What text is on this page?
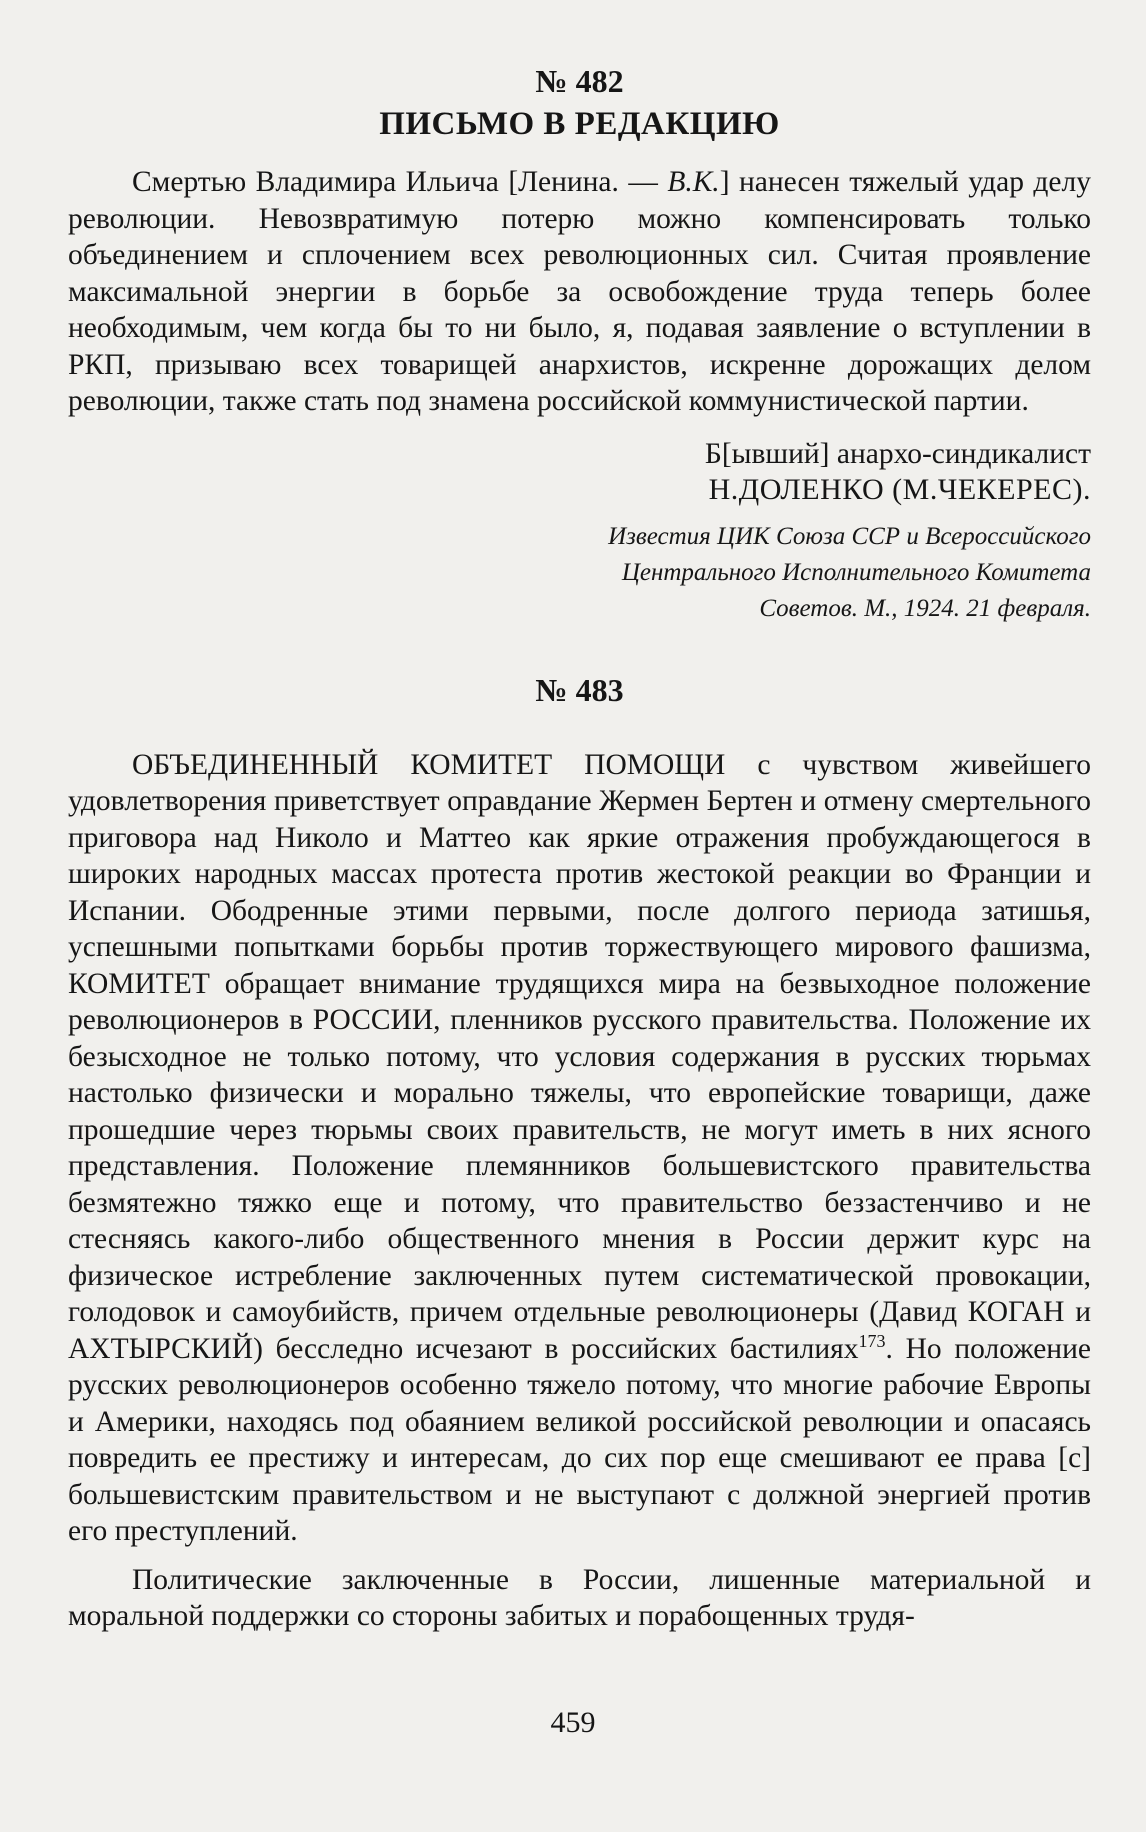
№ 482
ПИСЬМО В РЕДАКЦИЮ

Смертью Владимира Ильича [Ленина. — В.К.] нанесен тяжелый удар делу революции. Невозвратимую потерю можно компенсировать только объединением и сплочением всех революционных сил. Считая проявление максимальной энергии в борьбе за освобождение труда теперь более необходимым, чем когда бы то ни было, я, подавая заявление о вступлении в РКП, призываю всех товарищей анархистов, искренне дорожащих делом революции, также стать под знамена российской коммунистической партии.

Б[ывший] анархо-синдикалист
Н.ДОЛЕНКО (М.ЧЕКЕРЕС).
Известия ЦИК Союза ССР и Всероссийского
Центрального Исполнительного Комитета
Советов. М., 1924. 21 февраля.
№ 483

ОБЪЕДИНЕННЫЙ КОМИТЕТ ПОМОЩИ с чувством живейшего удовлетворения приветствует оправдание Жермен Бертен и отмену смертельного приговора над Николо и Маттео как яркие отражения пробуждающегося в широких народных массах протеста против жестокой реакции во Франции и Испании. Ободренные этими первыми, после долгого периода затишья, успешными попытками борьбы против торжествующего мирового фашизма, КОМИТЕТ обращает внимание трудящихся мира на безвыходное положение революционеров в РОССИИ, пленников русского правительства. Положение их безысходное не только потому, что условия содержания в русских тюрьмах настолько физически и морально тяжелы, что европейские товарищи, даже прошедшие через тюрьмы своих правительств, не могут иметь в них ясного представления. Положение племянников большевистского правительства безмятежно тяжко еще и потому, что правительство беззастенчиво и не стесняясь какого-либо общественного мнения в России держит курс на физическое истребление заключенных путем систематической провокации, голодовок и самоубийств, причем отдельные революционеры (Давид КОГАН и АХТЫРСКИЙ) бесследно исчезают в российских бастилиях$^{173}$. Но положение русских революционеров особенно тяжело потому, что многие рабочие Европы и Америки, находясь под обаянием великой российской революции и опасаясь повредить ее престижу и интересам, до сих пор еще смешивают ее права [с] большевистским правительством и не выступают с должной энергией против его преступлений.

Политические заключенные в России, лишенные материальной и моральной поддержки со стороны забитых и порабощенных трудя-

459
